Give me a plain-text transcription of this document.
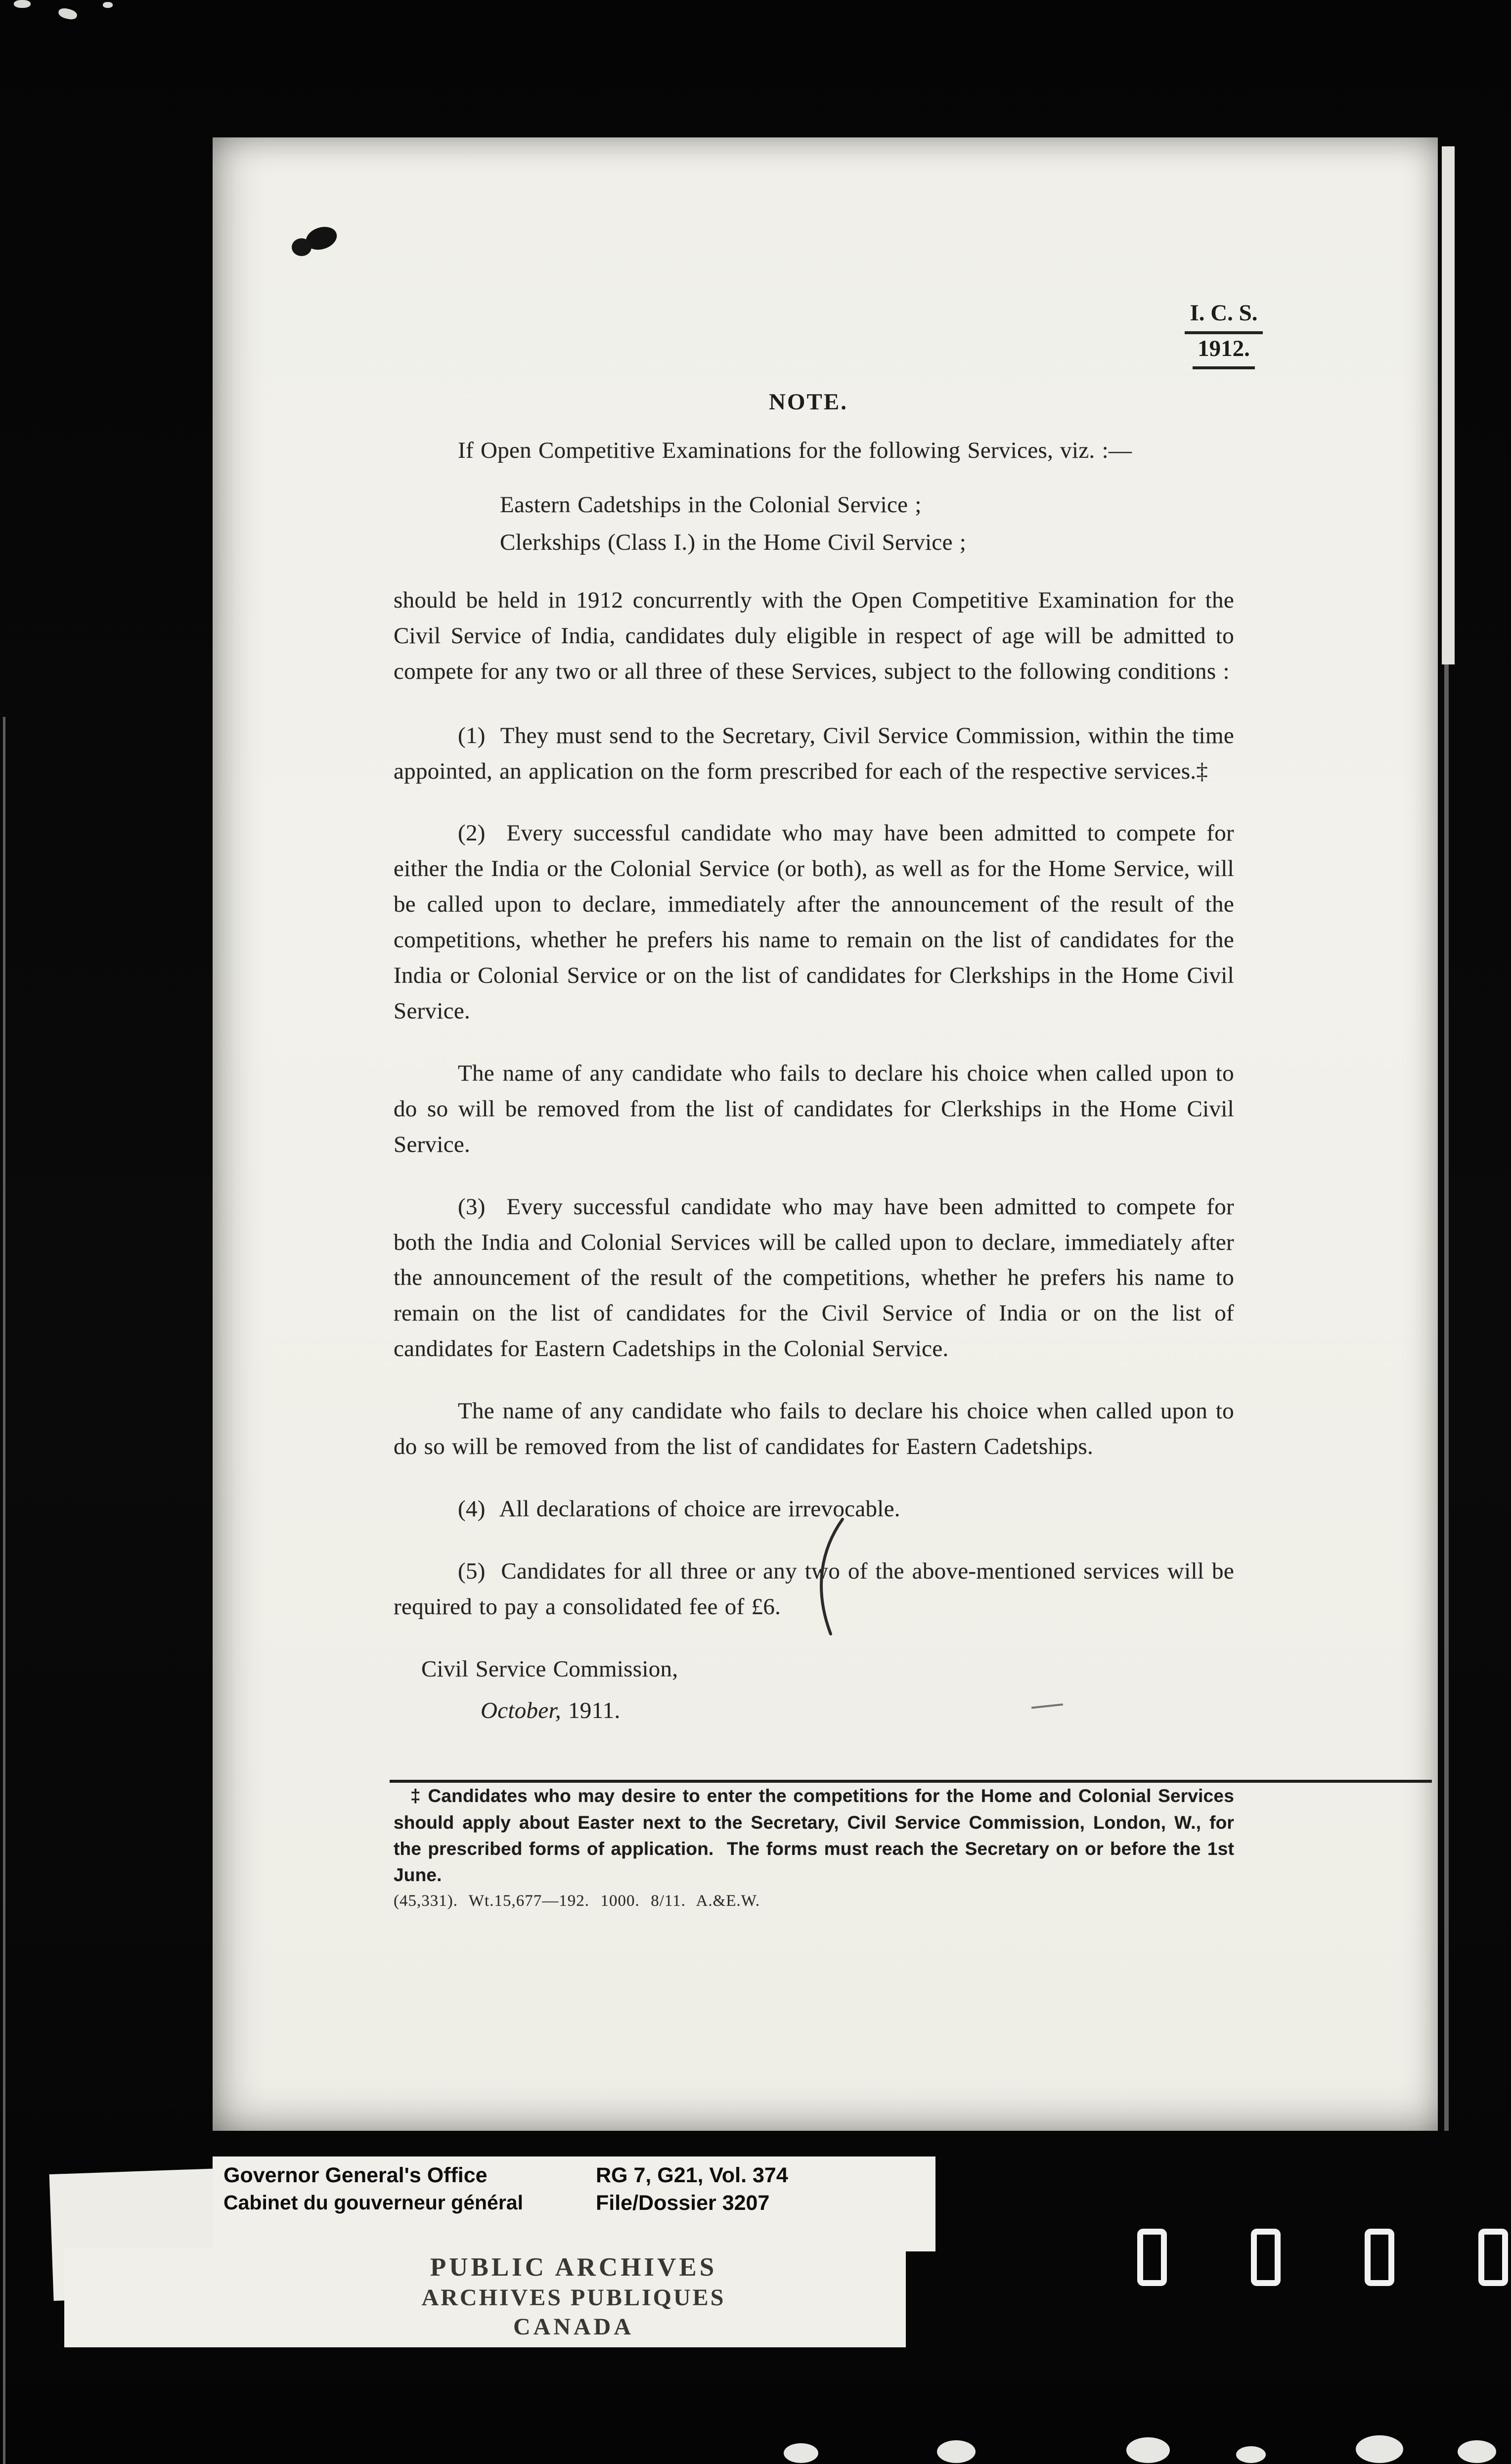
I. C. S.
1912.
NOTE.

If Open Competitive Examinations for the following Services, viz. :—

Eastern Cadetships in the Colonial Service ;
Clerkships (Class I.) in the Home Civil Service ;

should be held in 1912 concurrently with the Open Competitive Examination for the Civil Service of India, candidates duly eligible in respect of age will be admitted to compete for any two or all three of these Services, subject to the following conditions :

(1)  They must send to the Secretary, Civil Service Commission, within the time appointed, an application on the form prescribed for each of the respective services.‡

(2)  Every successful candidate who may have been admitted to compete for either the India or the Colonial Service (or both), as well as for the Home Service, will be called upon to declare, immediately after the announcement of the result of the competitions, whether he prefers his name to remain on the list of candidates for the India or Colonial Service or on the list of candidates for Clerkships in the Home Civil Service.

The name of any candidate who fails to declare his choice when called upon to do so will be removed from the list of candidates for Clerkships in the Home Civil Service.

(3)  Every successful candidate who may have been admitted to compete for both the India and Colonial Services will be called upon to declare, immediately after the announcement of the result of the competitions, whether he prefers his name to remain on the list of candidates for the Civil Service of India or on the list of candidates for Eastern Cadetships in the Colonial Service.

The name of any candidate who fails to declare his choice when called upon to do so will be removed from the list of candidates for Eastern Cadetships.

(4)  All declarations of choice are irrevocable.

(5)  Candidates for all three or any two of the above-mentioned services will be required to pay a consolidated fee of £6.

Civil Service Commission,
October, 1911.

‡ Candidates who may desire to enter the competitions for the Home and Colonial Services should apply about Easter next to the Secretary, Civil Service Commission, London, W., for the prescribed forms of application.  The forms must reach the Secretary on or before the 1st June.

(45,331).  Wt.15,677—192.  1000.  8/11.  A.&E.W.

Governor General's Office
Cabinet du gouverneur général
RG 7, G21, Vol. 374
File/Dossier 3207
PUBLIC ARCHIVES
ARCHIVES PUBLIQUES
CANADA
